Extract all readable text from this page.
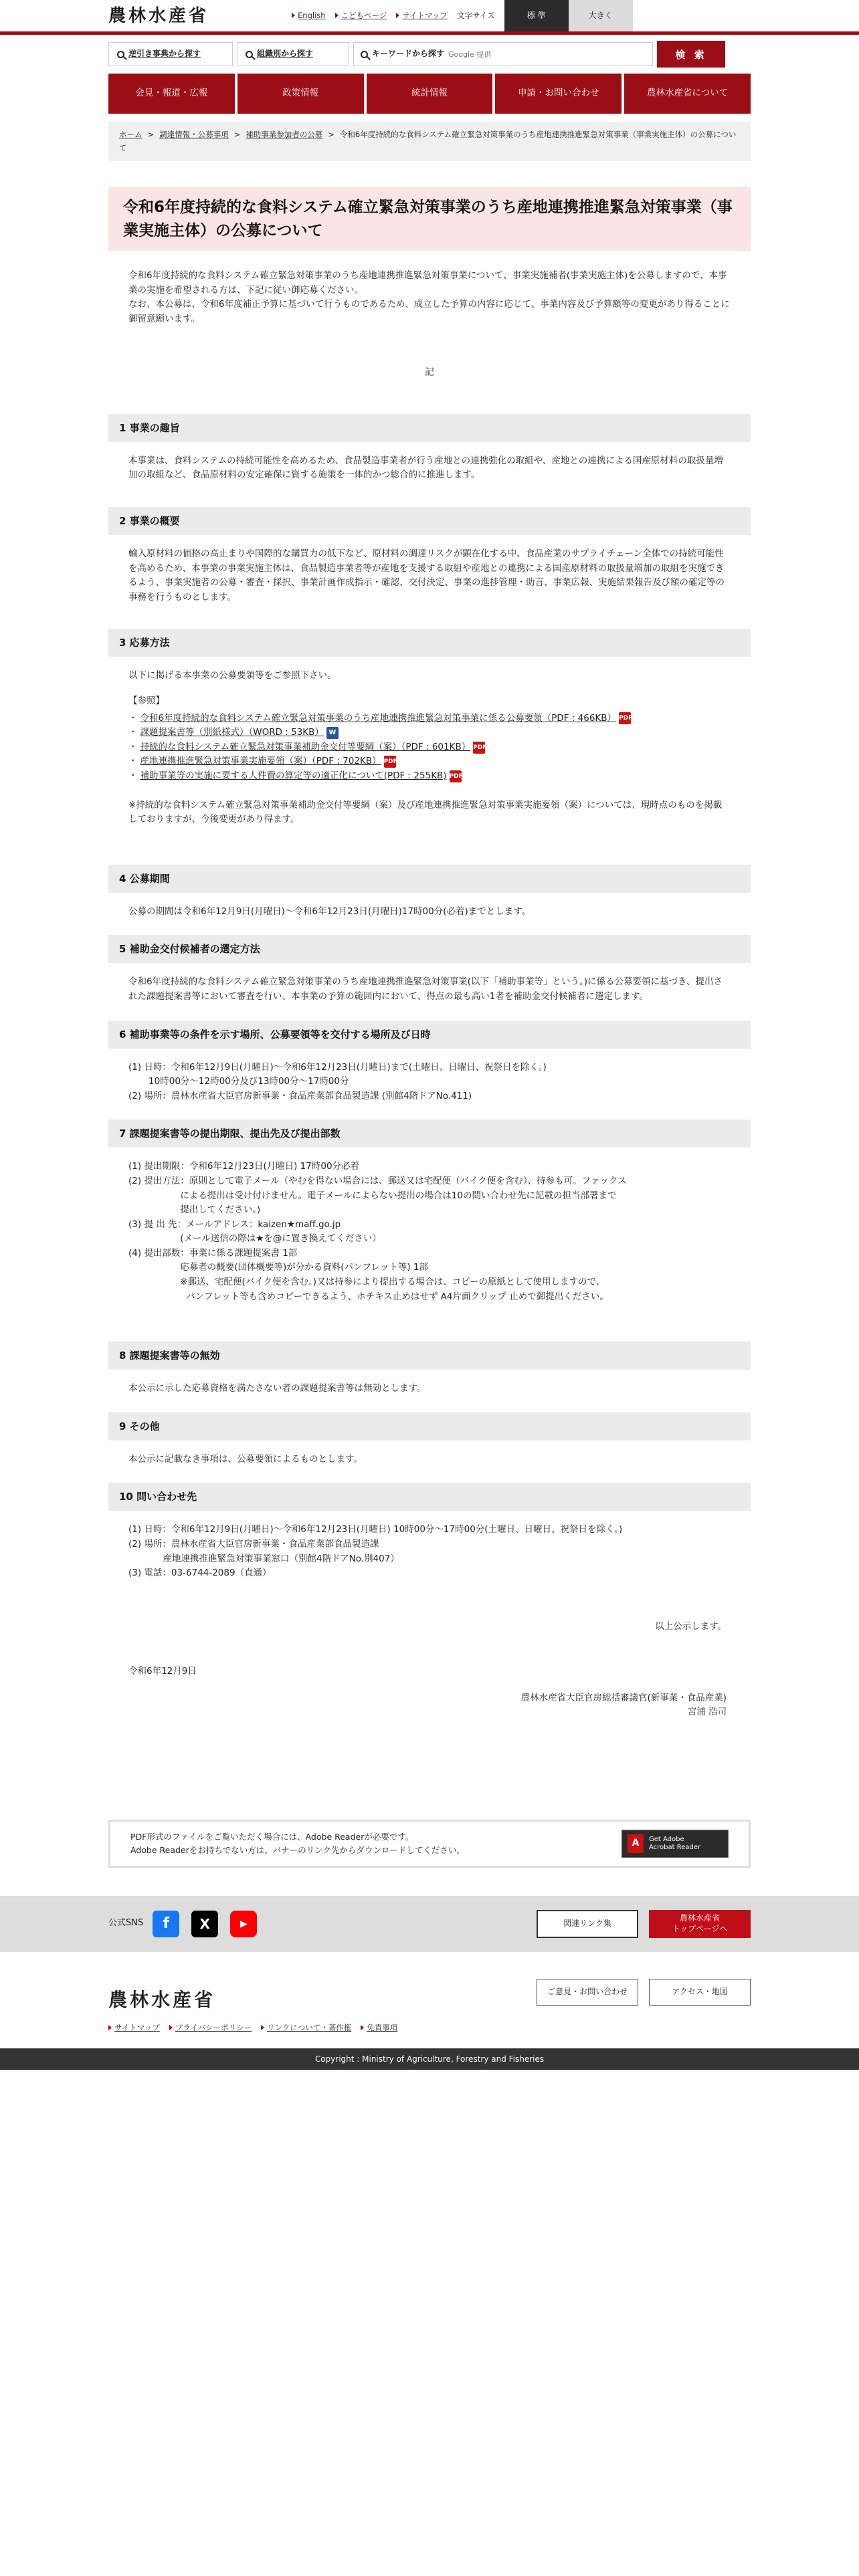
農林水産省	English こどもページ サイトマップ 文字サイズ	標 準	大きく
逆引き事典から探す	組織別から探す	キーワードから探す
Google 提供	検 索
会見・報道・広報	政策情報	統計情報	申請・お問い合わせ	農林水産省について
ホーム > 調達情報・公募事項 > 補助事業参加者の公募 > 令和6年度持続的な食料システム確立緊急対策事業のうち産地連携推進緊急対策事業（事業実施主体）の公募について
令和6年度持続的な食料システム確立緊急対策事業のうち産地連携推進緊急対策事業（事業実施主体）の公募について

令和6年度持続的な食料システム確立緊急対策事業のうち産地連携推進緊急対策事業について、事業実施補者(事業実施主体)を公募しますので、本事業の実施を希望される方は、下記に従い御応募ください。

なお、本公募は、令和6年度補正予算に基づいて行うものであるため、成立した予算の内容に応じて、事業内容及び予算額等の変更があり得ることに御留意願います。

記
1 事業の趣旨

本事業は、食料システムの持続可能性を高めるため、食品製造事業者が行う産地との連携強化の取組や、産地との連携による国産原材料の取扱量増加の取組など、食品原材料の安定確保に資する施策を一体的かつ総合的に推進します。

2 事業の概要

輸入原材料の価格の高止まりや国際的な購買力の低下など、原材料の調達リスクが顕在化する中、食品産業のサプライチェーン全体での持続可能性を高めるため、本事業の事業実施主体は、食品製造事業者等が産地を支援する取組や産地との連携による国産原材料の取扱量増加の取組を実施できるよう、事業実施者の公募・審査・採択、事業計画作成指示・確認、交付決定、事業の進捗管理・助言、事業広報、実施結果報告及び額の確定等の事務を行うものとします。

3 応募方法

以下に掲げる本事業の公募要領等をご参照下さい。

【参照】

・ 令和6年度持続的な食料システム確立緊急対策事業のうち産地連携推進緊急対策事業に係る公募要領（PDF : 466KB） PDF
・ 課題提案書等（別紙様式）（WORD : 53KB） W
・ 持続的な食料システム確立緊急対策事業補助金交付等要綱（案）（PDF : 601KB） PDF
・ 産地連携推進緊急対策事業実施要領（案）（PDF : 702KB） PDF
・ 補助事業等の実施に要する人件費の算定等の適正化について(PDF : 255KB) PDF

※持続的な食料システム確立緊急対策事業補助金交付等要綱（案）及び産地連携推進緊急対策事業実施要領（案）については、現時点のものを掲載しておりますが、今後変更があり得ます。

4 公募期間

公募の期間は令和6年12月9日(月曜日)～令和6年12月23日(月曜日)17時00分(必着)までとします。

5 補助金交付候補者の選定方法

令和6年度持続的な食料システム確立緊急対策事業のうち産地連携推進緊急対策事業(以下「補助事業等」という。)に係る公募要領に基づき、提出された課題提案書等において審査を行い、本事業の予算の範囲内において、得点の最も高い1者を補助金交付候補者に選定します。

6 補助事業等の条件を示す場所、公募要領等を交付する場所及び日時
(1) 日時：令和6年12月9日(月曜日)～令和6年12月23日(月曜日)まで(土曜日、日曜日、祝祭日を除く。)
10時00分～12時00分及び13時00分～17時00分
(2) 場所：農林水産省大臣官房新事業・食品産業部食品製造課 (別館4階ドアNo.411)
7 課題提案書等の提出期限、提出先及び提出部数
(1) 提出期限：令和6年12月23日(月曜日) 17時00分必着
(2) 提出方法：原則として電子メール（やむを得ない場合には、郵送又は宅配便（バイク便を含む）、持参も可。ファックス
による提出は受け付けません。電子メールによらない提出の場合は10の問い合わせ先に記載の担当部署まで
提出してください。)
(3) 提 出 先：メールアドレス：kaizen★maff.go.jp
(メール送信の際は★を@に置き換えてください）
(4) 提出部数：事業に係る課題提案書 1部
応募者の概要(団体概要等)が分かる資料(パンフレット等) 1部
※郵送、宅配便(バイク便を含む。)又は持参により提出する場合は、コピーの原紙として使用しますので、
パンフレット等も含めコピーできるよう、ホチキス止めはせず A4片面クリップ 止めで御提出ください。
8 課題提案書等の無効

本公示に示した応募資格を満たさない者の課題提案書等は無効とします。

9 その他

本公示に記載なき事項は、公募要領によるものとします。

10 問い合わせ先
(1) 日時：令和6年12月9日(月曜日)～令和6年12月23日(月曜日) 10時00分～17時00分(土曜日、日曜日、祝祭日を除く。)
(2) 場所：農林水産省大臣官房新事業・食品産業部食品製造課
産地連携推進緊急対策事業窓口（別館4階ドアNo.別407）
(3) 電話：03-6744-2089（直通）
以上公示します。
令和6年12月9日
農林水産省大臣官房総括審議官(新事業・食品産業)
宮浦 浩司
PDF形式のファイルをご覧いただく場合には、Adobe Readerが必要です。
Adobe Readerをお持ちでない方は、バナーのリンク先からダウンロードしてください。
A	Get Adobe
Acrobat Reader
公式SNS	f	X	▶	関連リンク集
農林水産省
トップページへ
農林水産省
サイトマップ プライバシーポリシー リンクについて・著作権 免責事項
ご意見・お問い合わせ	アクセス・地図
Copyright : Ministry of Agriculture, Forestry and Fisheries
